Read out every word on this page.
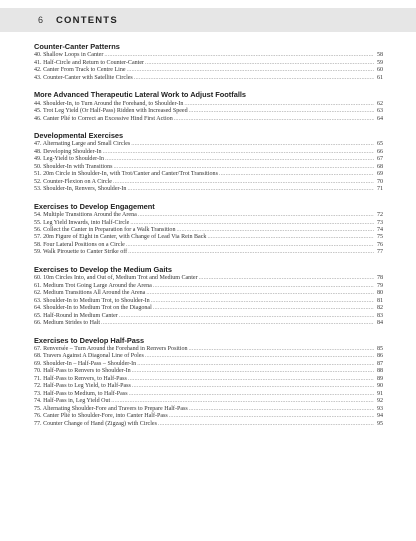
6	CONTENTS
Counter-Canter Patterns
40. Shallow Loops in Canter .....	58
41. Half-Circle and Return to Counter-Canter .....	59
42. Canter From Track to Centre Line .....	60
43. Counter-Canter with Satellite Circles .....	61
More Advanced Therapeutic Lateral Work to Adjust Footfalls
44. Shoulder-In, to Turn Around the Forehand, to Shoulder-In .....	62
45. Trot Leg Yield (Or Half-Pass) Ridden with Increased Speed .....	63
46. Canter Plié to Correct an Excessive Hind First Action .....	64
Developmental Exercises
47. Alternating Large and Small Circles .....	65
48. Developing Shoulder-In .....	66
49. Leg-Yield to Shoulder-In .....	67
50. Shoulder-In with Transitions .....	68
51. 20m Circle in Shoulder-In, with Trot/Canter and Canter/Trot Transitions .....	69
52. Counter-Flexion on A Circle .....	70
53. Shoulder-In, Renvers, Shoulder-In .....	71
Exercises to Develop Engagement
54. Multiple Transitions Around the Arena .....	72
55. Leg Yield Inwards, into Half-Circle .....	73
56. Collect the Canter in Preparation for a Walk Transition .....	74
57. 20m Figure of Eight in Canter, with Change of Lead Via Rein Back .....	75
58. Four Lateral Positions on a Circle .....	76
59. Walk Pirouette to Canter Strike off .....	77
Exercises to Develop the Medium Gaits
60. 10m Circles Into, and Out of, Medium Trot and Medium Canter .....	78
61. Medium Trot Going Large Around the Arena .....	79
62. Medium Transitions All Around the Arena .....	80
63. Shoulder-In to Medium Trot, to Shoulder-In .....	81
64. Shoulder-In to Medium Trot on the Diagonal .....	82
65. Half-Round in Medium Canter .....	83
66. Medium Strides to Halt .....	84
Exercises to Develop Half-Pass
67. Renversée – Turn Around the Forehand in Renvers Position .....	85
68. Travers Against A Diagonal Line of Poles .....	86
69. Shoulder-In – Half-Pass – Shoulder-In .....	87
70. Half-Pass to Renvers to Shoulder-In .....	88
71. Half-Pass to Renvers, to Half-Pass .....	89
72. Half-Pass to Leg Yield, to Half-Pass .....	90
73. Half-Pass to Medium, to Half-Pass .....	91
74. Half-Pass in, Leg Yield Out .....	92
75. Alternating Shoulder-Fore and Travers to Prepare Half-Pass .....	93
76. Canter Plié to Shoulder-Fore, into Canter Half-Pass .....	94
77. Counter Change of Hand (Zigzag) with Circles .....	95
